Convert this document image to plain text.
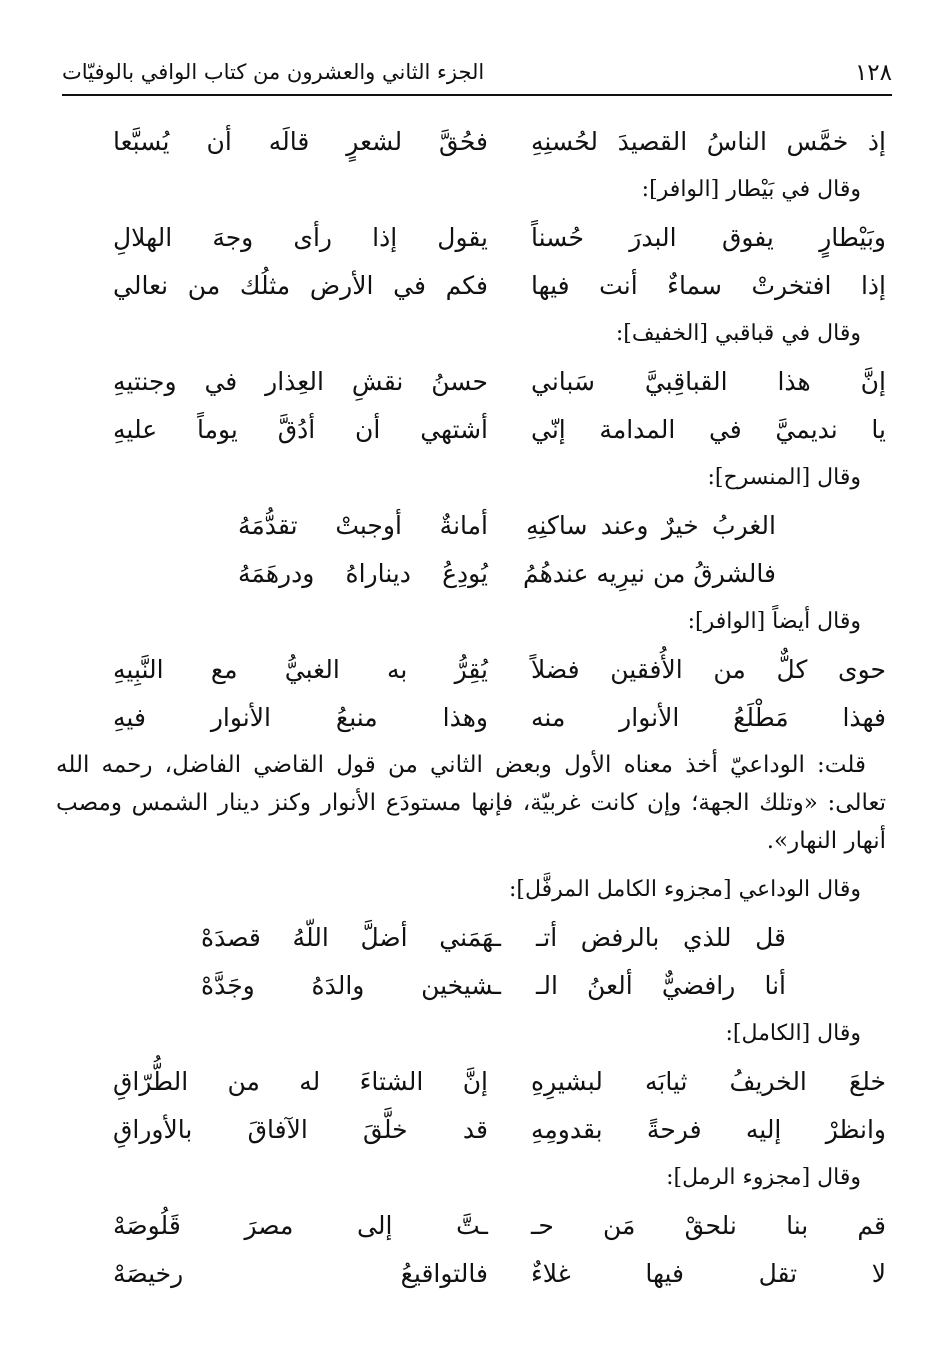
١٢٨
الجزء الثاني والعشرون من كتاب الوافي بالوفيّات
إذ خمَّس الناسُ القصيدَ لحُسنِهِ
فحُقَّ لشعرٍ قالَه أن يُسبَّعا
وقال في بَيْطار [الوافر]:
وبَيْطارٍ يفوق البدرَ حُسناً
يقول إذا رأى وجهَ الهلالِ
إذا افتخرتْ سماءٌ أنت فيها
فكم في الأرض مثلُك من نعالي
وقال في قباقبي [الخفيف]:
إنَّ هذا القباقِبيَّ سَباني
حسنُ نقشِ العِذار في وجنتيهِ
يا نديميَّ في المدامة إنّي
أشتهي أن أدُقَّ يوماً عليهِ
وقال [المنسرح]:
الغربُ خيرٌ وعند ساكنِهِ
أمانةٌ أوجبتْ تقدُّمَهُ
فالشرقُ من نيرِيه عندهُمُ
يُودِعُ ديناراهُ ودرهَمَهُ
وقال أيضاً [الوافر]:
حوى كلٌّ من الأُفقين فضلاً
يُقِرُّ به الغبيُّ مع النَّبِيهِ
فهذا مَطْلَعُ الأنوار منه
وهذا منبعُ الأنوار فيهِ

قلت: الوداعيّ أخذ معناه الأول وبعض الثاني من قول القاضي الفاضل، رحمه الله تعالى: «وتلك الجهة؛ وإن كانت غربيّة، فإنها مستودَع الأنوار وكنز دينار الشمس ومصب أنهار النهار».

وقال الوداعي [مجزوء الكامل المرفَّل]:
قل للذي بالرفض أتـ
ـهَمَني أضلَّ اللّهُ قصدَهْ
أنا رافضيٌّ ألعنُ الـ
ـشيخين والدَهُ وجَدَّهْ
وقال [الكامل]:
خلعَ الخريفُ ثيابَه لبشيرِهِ
إنَّ الشتاءَ له من الطُّرّاقِ
وانظرْ إليه فرحةً بقدومِهِ
قد خلَّقَ الآفاقَ بالأوراقِ
وقال [مجزوء الرمل]:
قم بنا نلحقْ مَن حـ
ـتَّ إلى مصرَ قَلُوصَهْ
لا تقل فيها غلاءٌ
فالتواقيعُ رخيصَهْ
